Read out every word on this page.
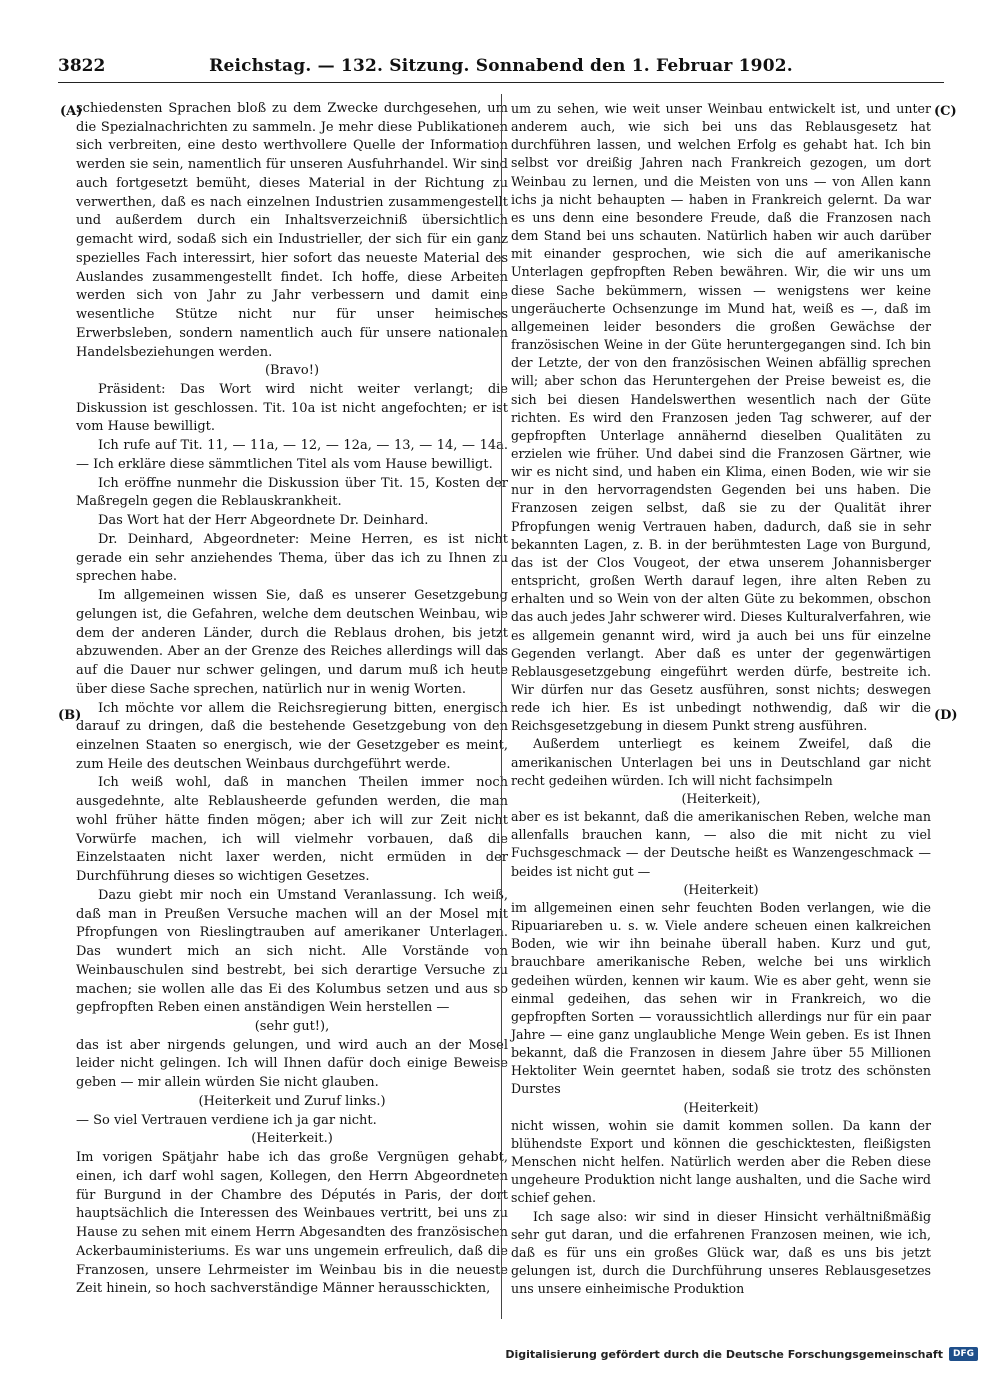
3822	Reichstag. — 132. Sitzung. Sonnabend den 1. Februar 1902.
(A)
(B)
(C)
(D)

schiedensten Sprachen bloß zu dem Zwecke durchgesehen, um die Spezialnachrichten zu sammeln. Je mehr diese Publikationen sich verbreiten, eine desto werthvollere Quelle der Information werden sie sein, namentlich für unseren Ausfuhrhandel. Wir sind auch fortgesetzt bemüht, dieses Material in der Richtung zu verwerthen, daß es nach einzelnen Industrien zusammengestellt und außerdem durch ein Inhaltsverzeichniß übersichtlich gemacht wird, sodaß sich ein Industrieller, der sich für ein ganz spezielles Fach interessirt, hier sofort das neueste Material des Auslandes zusammengestellt findet. Ich hoffe, diese Arbeiten werden sich von Jahr zu Jahr verbessern und damit eine wesentliche Stütze nicht nur für unser heimisches Erwerbsleben, sondern namentlich auch für unsere nationalen Handelsbeziehungen werden.

(Bravo!)

Präsident: Das Wort wird nicht weiter verlangt; die Diskussion ist geschlossen. Tit. 10a ist nicht angefochten; er ist vom Hause bewilligt.

Ich rufe auf Tit. 11, — 11a, — 12, — 12a, — 13, — 14, — 14a. — Ich erkläre diese sämmtlichen Titel als vom Hause bewilligt.

Ich eröffne nunmehr die Diskussion über Tit. 15, Kosten der Maßregeln gegen die Reblauskrankheit.

Das Wort hat der Herr Abgeordnete Dr. Deinhard.

Dr. Deinhard, Abgeordneter: Meine Herren, es ist nicht gerade ein sehr anziehendes Thema, über das ich zu Ihnen zu sprechen habe.

Im allgemeinen wissen Sie, daß es unserer Gesetzgebung gelungen ist, die Gefahren, welche dem deutschen Weinbau, wie dem der anderen Länder, durch die Reblaus drohen, bis jetzt abzuwenden. Aber an der Grenze des Reiches allerdings will das auf die Dauer nur schwer gelingen, und darum muß ich heute über diese Sache sprechen, natürlich nur in wenig Worten.

Ich möchte vor allem die Reichsregierung bitten, energisch darauf zu dringen, daß die bestehende Gesetzgebung von den einzelnen Staaten so energisch, wie der Gesetzgeber es meint, zum Heile des deutschen Weinbaus durchgeführt werde.

Ich weiß wohl, daß in manchen Theilen immer noch ausgedehnte, alte Reblausheerde gefunden werden, die man wohl früher hätte finden mögen; aber ich will zur Zeit nicht Vorwürfe machen, ich will vielmehr vorbauen, daß die Einzelstaaten nicht laxer werden, nicht ermüden in der Durchführung dieses so wichtigen Gesetzes.

Dazu giebt mir noch ein Umstand Veranlassung. Ich weiß, daß man in Preußen Versuche machen will an der Mosel mit Pfropfungen von Rieslingtrauben auf amerikaner Unterlagen. Das wundert mich an sich nicht. Alle Vorstände von Weinbauschulen sind bestrebt, bei sich derartige Versuche zu machen; sie wollen alle das Ei des Kolumbus setzen und aus so gepfropften Reben einen anständigen Wein herstellen —

(sehr gut!),

das ist aber nirgends gelungen, und wird auch an der Mosel leider nicht gelingen. Ich will Ihnen dafür doch einige Beweise geben — mir allein würden Sie nicht glauben.

(Heiterkeit und Zuruf links.)

— So viel Vertrauen verdiene ich ja gar nicht.

(Heiterkeit.)

Im vorigen Spätjahr habe ich das große Vergnügen gehabt, einen, ich darf wohl sagen, Kollegen, den Herrn Abgeordneten für Burgund in der Chambre des Députés in Paris, der dort hauptsächlich die Interessen des Weinbaues vertritt, bei uns zu Hause zu sehen mit einem Herrn Abgesandten des französischen Ackerbauministeriums. Es war uns ungemein erfreulich, daß die Franzosen, unsere Lehrmeister im Weinbau bis in die neueste Zeit hinein, so hoch sachverständige Männer herausschickten,

um zu sehen, wie weit unser Weinbau entwickelt ist, und unter anderem auch, wie sich bei uns das Reblausgesetz hat durchführen lassen, und welchen Erfolg es gehabt hat. Ich bin selbst vor dreißig Jahren nach Frankreich gezogen, um dort Weinbau zu lernen, und die Meisten von uns — von Allen kann ichs ja nicht behaupten — haben in Frankreich gelernt. Da war es uns denn eine besondere Freude, daß die Franzosen nach dem Stand bei uns schauten. Natürlich haben wir auch darüber mit einander gesprochen, wie sich die auf amerikanische Unterlagen gepfropften Reben bewähren. Wir, die wir uns um diese Sache bekümmern, wissen — wenigstens wer keine ungeräucherte Ochsenzunge im Mund hat, weiß es —, daß im allgemeinen leider besonders die großen Gewächse der französischen Weine in der Güte heruntergegangen sind. Ich bin der Letzte, der von den französischen Weinen abfällig sprechen will; aber schon das Heruntergehen der Preise beweist es, die sich bei diesen Handelswerthen wesentlich nach der Güte richten. Es wird den Franzosen jeden Tag schwerer, auf der gepfropften Unterlage annähernd dieselben Qualitäten zu erzielen wie früher. Und dabei sind die Franzosen Gärtner, wie wir es nicht sind, und haben ein Klima, einen Boden, wie wir sie nur in den hervorragendsten Gegenden bei uns haben. Die Franzosen zeigen selbst, daß sie zu der Qualität ihrer Pfropfungen wenig Vertrauen haben, dadurch, daß sie in sehr bekannten Lagen, z. B. in der berühmtesten Lage von Burgund, das ist der Clos Vougeot, der etwa unserem Johannisberger entspricht, großen Werth darauf legen, ihre alten Reben zu erhalten und so Wein von der alten Güte zu bekommen, obschon das auch jedes Jahr schwerer wird. Dieses Kulturalverfahren, wie es allgemein genannt wird, wird ja auch bei uns für einzelne Gegenden verlangt. Aber daß es unter der gegenwärtigen Reblausgesetzgebung eingeführt werden dürfe, bestreite ich. Wir dürfen nur das Gesetz ausführen, sonst nichts; deswegen rede ich hier. Es ist unbedingt nothwendig, daß wir die Reichsgesetzgebung in diesem Punkt streng ausführen.

Außerdem unterliegt es keinem Zweifel, daß die amerikanischen Unterlagen bei uns in Deutschland gar nicht recht gedeihen würden. Ich will nicht fachsimpeln

(Heiterkeit),

aber es ist bekannt, daß die amerikanischen Reben, welche man allenfalls brauchen kann, — also die mit nicht zu viel Fuchsgeschmack — der Deutsche heißt es Wanzengeschmack — beides ist nicht gut —

(Heiterkeit)

im allgemeinen einen sehr feuchten Boden verlangen, wie die Ripuariareben u. s. w. Viele andere scheuen einen kalkreichen Boden, wie wir ihn beinahe überall haben. Kurz und gut, brauchbare amerikanische Reben, welche bei uns wirklich gedeihen würden, kennen wir kaum. Wie es aber geht, wenn sie einmal gedeihen, das sehen wir in Frankreich, wo die gepfropften Sorten — voraussichtlich allerdings nur für ein paar Jahre — eine ganz unglaubliche Menge Wein geben. Es ist Ihnen bekannt, daß die Franzosen in diesem Jahre über 55 Millionen Hektoliter Wein geerntet haben, sodaß sie trotz des schönsten Durstes

(Heiterkeit)

nicht wissen, wohin sie damit kommen sollen. Da kann der blühendste Export und können die geschicktesten, fleißigsten Menschen nicht helfen. Natürlich werden aber die Reben diese ungeheure Produktion nicht lange aushalten, und die Sache wird schief gehen.

Ich sage also: wir sind in dieser Hinsicht verhältnißmäßig sehr gut daran, und die erfahrenen Franzosen meinen, wie ich, daß es für uns ein großes Glück war, daß es uns bis jetzt gelungen ist, durch die Durchführung unseres Reblausgesetzes uns unsere einheimische Produktion

Digitalisierung gefördert durch die Deutsche Forschungsgemeinschaft	DFG
